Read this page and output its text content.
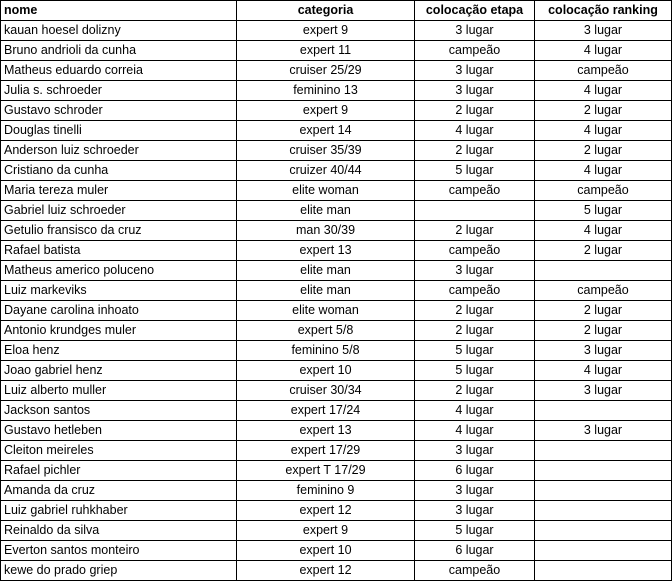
nome	categoria	colocação etapa	colocação ranking
kauan hoesel dolizny	expert 9	3 lugar	3 lugar
Bruno andrioli da cunha	expert 11	campeão	4 lugar
Matheus eduardo correia	cruiser 25/29	3 lugar	campeão
Julia s. schroeder	feminino 13	3 lugar	4 lugar
Gustavo schroder	expert 9	2 lugar	2 lugar
Douglas tinelli	expert 14	4 lugar	4 lugar
Anderson luiz schroeder	cruiser 35/39	2 lugar	2 lugar
Cristiano da cunha	cruizer 40/44	5 lugar	4 lugar
Maria tereza muler	elite woman	campeão	campeão
Gabriel luiz schroeder	elite man		5 lugar
Getulio fransisco da cruz	man 30/39	2 lugar	4 lugar
Rafael batista	expert 13	campeão	2 lugar
Matheus americo poluceno	elite man	3 lugar	
Luiz markeviks	elite man	campeão	campeão
Dayane carolina inhoato	elite woman	2 lugar	2 lugar
Antonio krundges muler	expert 5/8	2 lugar	2 lugar
Eloa henz	feminino 5/8	5 lugar	3 lugar
Joao gabriel henz	expert 10	5 lugar	4 lugar
Luiz alberto muller	cruiser 30/34	2 lugar	3 lugar
Jackson santos	expert 17/24	4 lugar	
Gustavo hetleben	expert 13	4 lugar	3 lugar
Cleiton meireles	expert 17/29	3 lugar	
Rafael pichler	expert T 17/29	6 lugar	
Amanda da cruz	feminino 9	3 lugar	
Luiz gabriel ruhkhaber	expert 12	3 lugar	
Reinaldo da silva	expert 9	5 lugar	
Everton santos monteiro	expert 10	6 lugar	
kewe do prado griep	expert 12	campeão	
